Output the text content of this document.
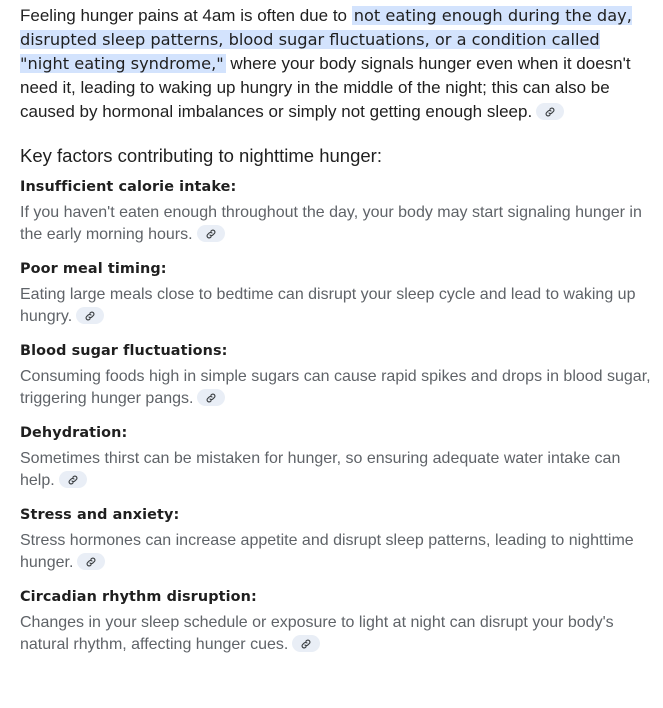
Feeling hunger pains at 4am is often due to not eating enough during the day, disrupted sleep patterns, blood sugar fluctuations, or a condition called "night eating syndrome," where your body signals hunger even when it doesn't need it, leading to waking up hungry in the middle of the night; this can also be caused by hormonal imbalances or simply not getting enough sleep.

Key factors contributing to nighttime hunger:
Insufficient calorie intake:

If you haven't eaten enough throughout the day, your body may start signaling hunger in the early morning hours.

Poor meal timing:

Eating large meals close to bedtime can disrupt your sleep cycle and lead to waking up hungry.

Blood sugar fluctuations:

Consuming foods high in simple sugars can cause rapid spikes and drops in blood sugar, triggering hunger pangs.

Dehydration:

Sometimes thirst can be mistaken for hunger, so ensuring adequate water intake can help.

Stress and anxiety:

Stress hormones can increase appetite and disrupt sleep patterns, leading to nighttime hunger.

Circadian rhythm disruption:

Changes in your sleep schedule or exposure to light at night can disrupt your body's natural rhythm, affecting hunger cues.
